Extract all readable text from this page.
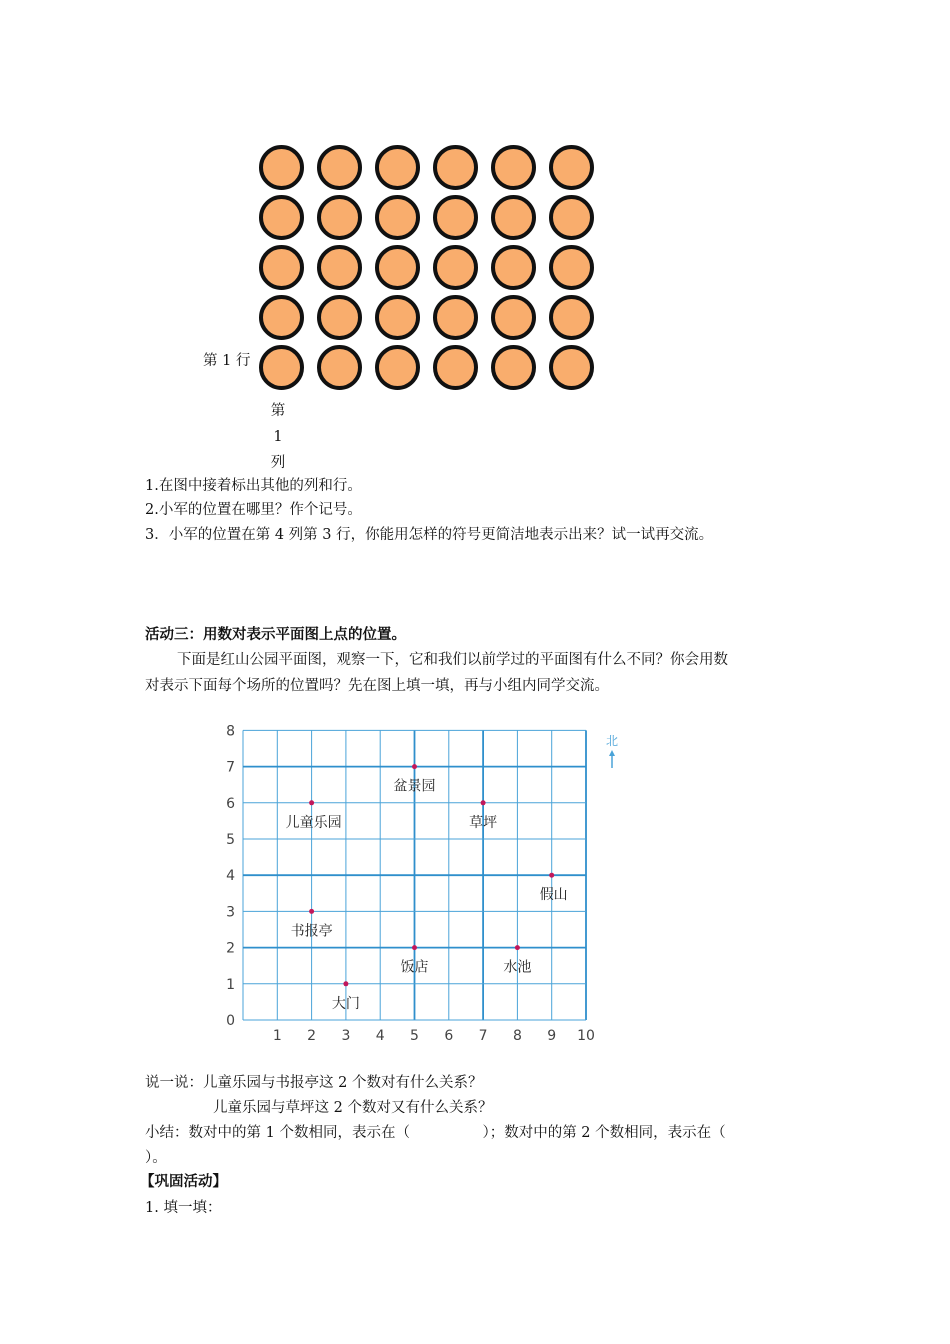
第 1 行
第
1
列
1.在图中接着标出其他的列和行。
2.小军的位置在哪里？作个记号。
3．小军的位置在第 4 列第 3 行，你能用怎样的符号更简洁地表示出来？试一试再交流。
活动三：用数对表示平面图上点的位置。
下面是红山公园平面图，观察一下，它和我们以前学过的平面图有什么不同？你会用数
对表示下面每个场所的位置吗？先在图上填一填，再与小组内同学交流。
1 2 3 4 5 6 7 8 9 10
0
1
2
3
4
5
6
7
8
儿童乐园
盆景园
草坪
假山
书报亭
饭店	水池
大门
北
说一说：儿童乐园与书报亭这 2 个数对有什么关系？
儿童乐园与草坪这 2 个数对又有什么关系？
小结：数对中的第 1 个数相同，表示在（　　　　　）；数对中的第 2 个数相同，表示在（
）。
【巩固活动】
1. 填一填：
